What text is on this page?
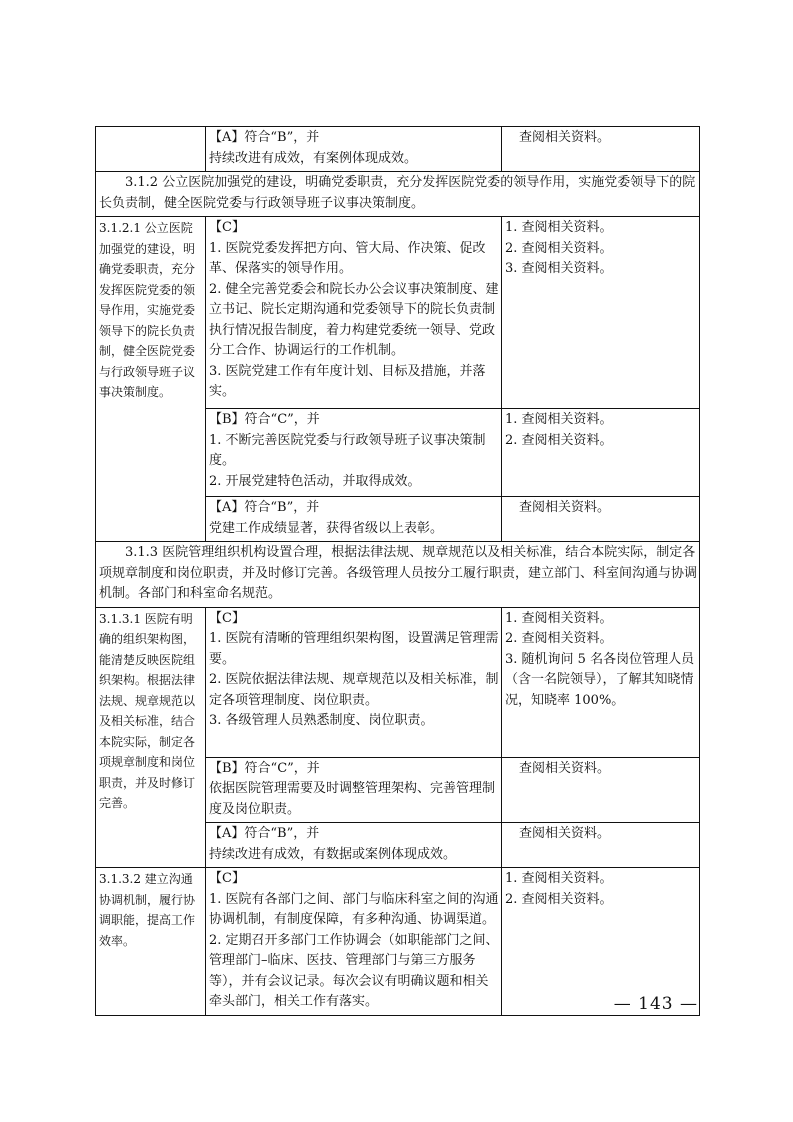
	【A】符合“B”，并
持续改进有成效，有案例体现成效。	查阅相关资料。

3.1.2 公立医院加强党的建设，明确党委职责，充分发挥医院党委的领导作用，实施党委领导下的院长负责制，健全医院党委与行政领导班子议事决策制度。		
3.1.2.1 公立医院加强党的建设，明确党委职责，充分发挥医院党委的领导作用，实施党委领导下的院长负责制，健全医院党委与行政领导班子议事决策制度。	【C】
1. 医院党委发挥把方向、管大局、作决策、促改革、保落实的领导作用。
2. 健全完善党委会和院长办公会议事决策制度、建立书记、院长定期沟通和党委领导下的院长负责制执行情况报告制度，着力构建党委统一领导、党政分工合作、协调运行的工作机制。
3. 医院党建工作有年度计划、目标及措施，并落实。	1. 查阅相关资料。
2. 查阅相关资料。
3. 查阅相关资料。

	【B】符合“C”，并
1. 不断完善医院党委与行政领导班子议事决策制度。
2. 开展党建特色活动，并取得成效。	1. 查阅相关资料。
2. 查阅相关资料。

	【A】符合“B”，并
党建工作成绩显著，获得省级以上表彰。	查阅相关资料。

3.1.3 医院管理组织机构设置合理，根据法律法规、规章规范以及相关标准，结合本院实际，制定各项规章制度和岗位职责，并及时修订完善。各级管理人员按分工履行职责，建立部门、科室间沟通与协调机制。各部门和科室命名规范。		
3.1.3.1 医院有明确的组织架构图，能清楚反映医院组织架构。根据法律法规、规章规范以及相关标准，结合本院实际，制定各项规章制度和岗位职责，并及时修订完善。	【C】
1. 医院有清晰的管理组织架构图，设置满足管理需要。
2. 医院依据法律法规、规章规范以及相关标准，制定各项管理制度、岗位职责。
3. 各级管理人员熟悉制度、岗位职责。	1. 查阅相关资料。
2. 查阅相关资料。
3. 随机询问 5 名各岗位管理人员（含一名院领导），了解其知晓情况，知晓率 100%。

	【B】符合“C”，并
依据医院管理需要及时调整管理架构、完善管理制度及岗位职责。	查阅相关资料。

	【A】符合“B”，并
持续改进有成效，有数据或案例体现成效。	查阅相关资料。

3.1.3.2 建立沟通协调机制，履行协调职能，提高工作效率。	【C】
1. 医院有各部门之间、部门与临床科室之间的沟通协调机制，有制度保障，有多种沟通、协调渠道。
2. 定期召开多部门工作协调会（如职能部门之间、管理部门–临床、医技、管理部门与第三方服务等），并有会议记录。每次会议有明确议题和相关牵头部门，相关工作有落实。	1. 查阅相关资料。
2. 查阅相关资料。
— 143 —
